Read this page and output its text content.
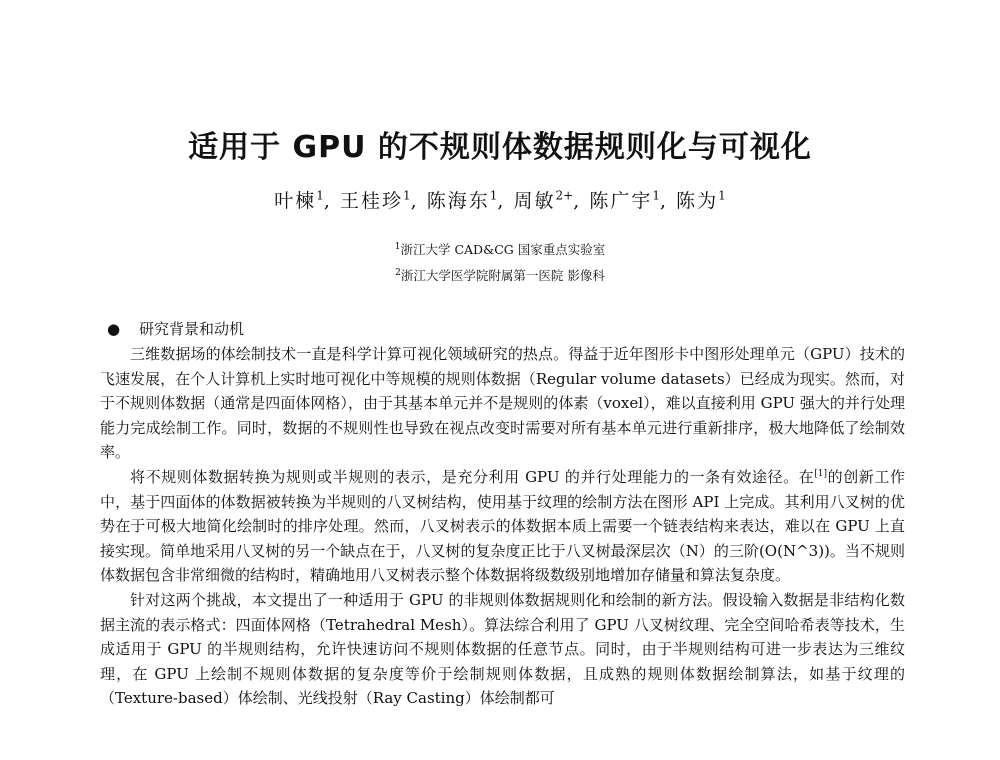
适用于 GPU 的不规则体数据规则化与可视化
叶楝$^1$, 王桂珍$^1$, 陈海东$^1$, 周敏$^{2+}$, 陈广宇$^1$, 陈为$^1$
$^1$浙江大学 CAD&CG 国家重点实验室
$^2$浙江大学医学院附属第一医院 影像科
● 研究背景和动机

三维数据场的体绘制技术一直是科学计算可视化领域研究的热点。得益于近年图形卡中图形处理单元（GPU）技术的飞速发展，在个人计算机上实时地可视化中等规模的规则体数据（Regular volume datasets）已经成为现实。然而，对于不规则体数据（通常是四面体网格），由于其基本单元并不是规则的体素（voxel），难以直接利用 GPU 强大的并行处理能力完成绘制工作。同时，数据的不规则性也导致在视点改变时需要对所有基本单元进行重新排序，极大地降低了绘制效率。

将不规则体数据转换为规则或半规则的表示，是充分利用 GPU 的并行处理能力的一条有效途径。在[1]的创新工作中，基于四面体的体数据被转换为半规则的八叉树结构，使用基于纹理的绘制方法在图形 API 上完成。其利用八叉树的优势在于可极大地简化绘制时的排序处理。然而，八叉树表示的体数据本质上需要一个链表结构来表达，难以在 GPU 上直接实现。简单地采用八叉树的另一个缺点在于，八叉树的复杂度正比于八叉树最深层次（N）的三阶(O(N^3))。当不规则体数据包含非常细微的结构时，精确地用八叉树表示整个体数据将级数级别地增加存储量和算法复杂度。

针对这两个挑战，本文提出了一种适用于 GPU 的非规则体数据规则化和绘制的新方法。假设输入数据是非结构化数据主流的表示格式：四面体网格（Tetrahedral Mesh）。算法综合利用了 GPU 八叉树纹理、完全空间哈希表等技术，生成适用于 GPU 的半规则结构，允许快速访问不规则体数据的任意节点。同时，由于半规则结构可进一步表达为三维纹理，在 GPU 上绘制不规则体数据的复杂度等价于绘制规则体数据，且成熟的规则体数据绘制算法，如基于纹理的（Texture-based）体绘制、光线投射（Ray Casting）体绘制都可
